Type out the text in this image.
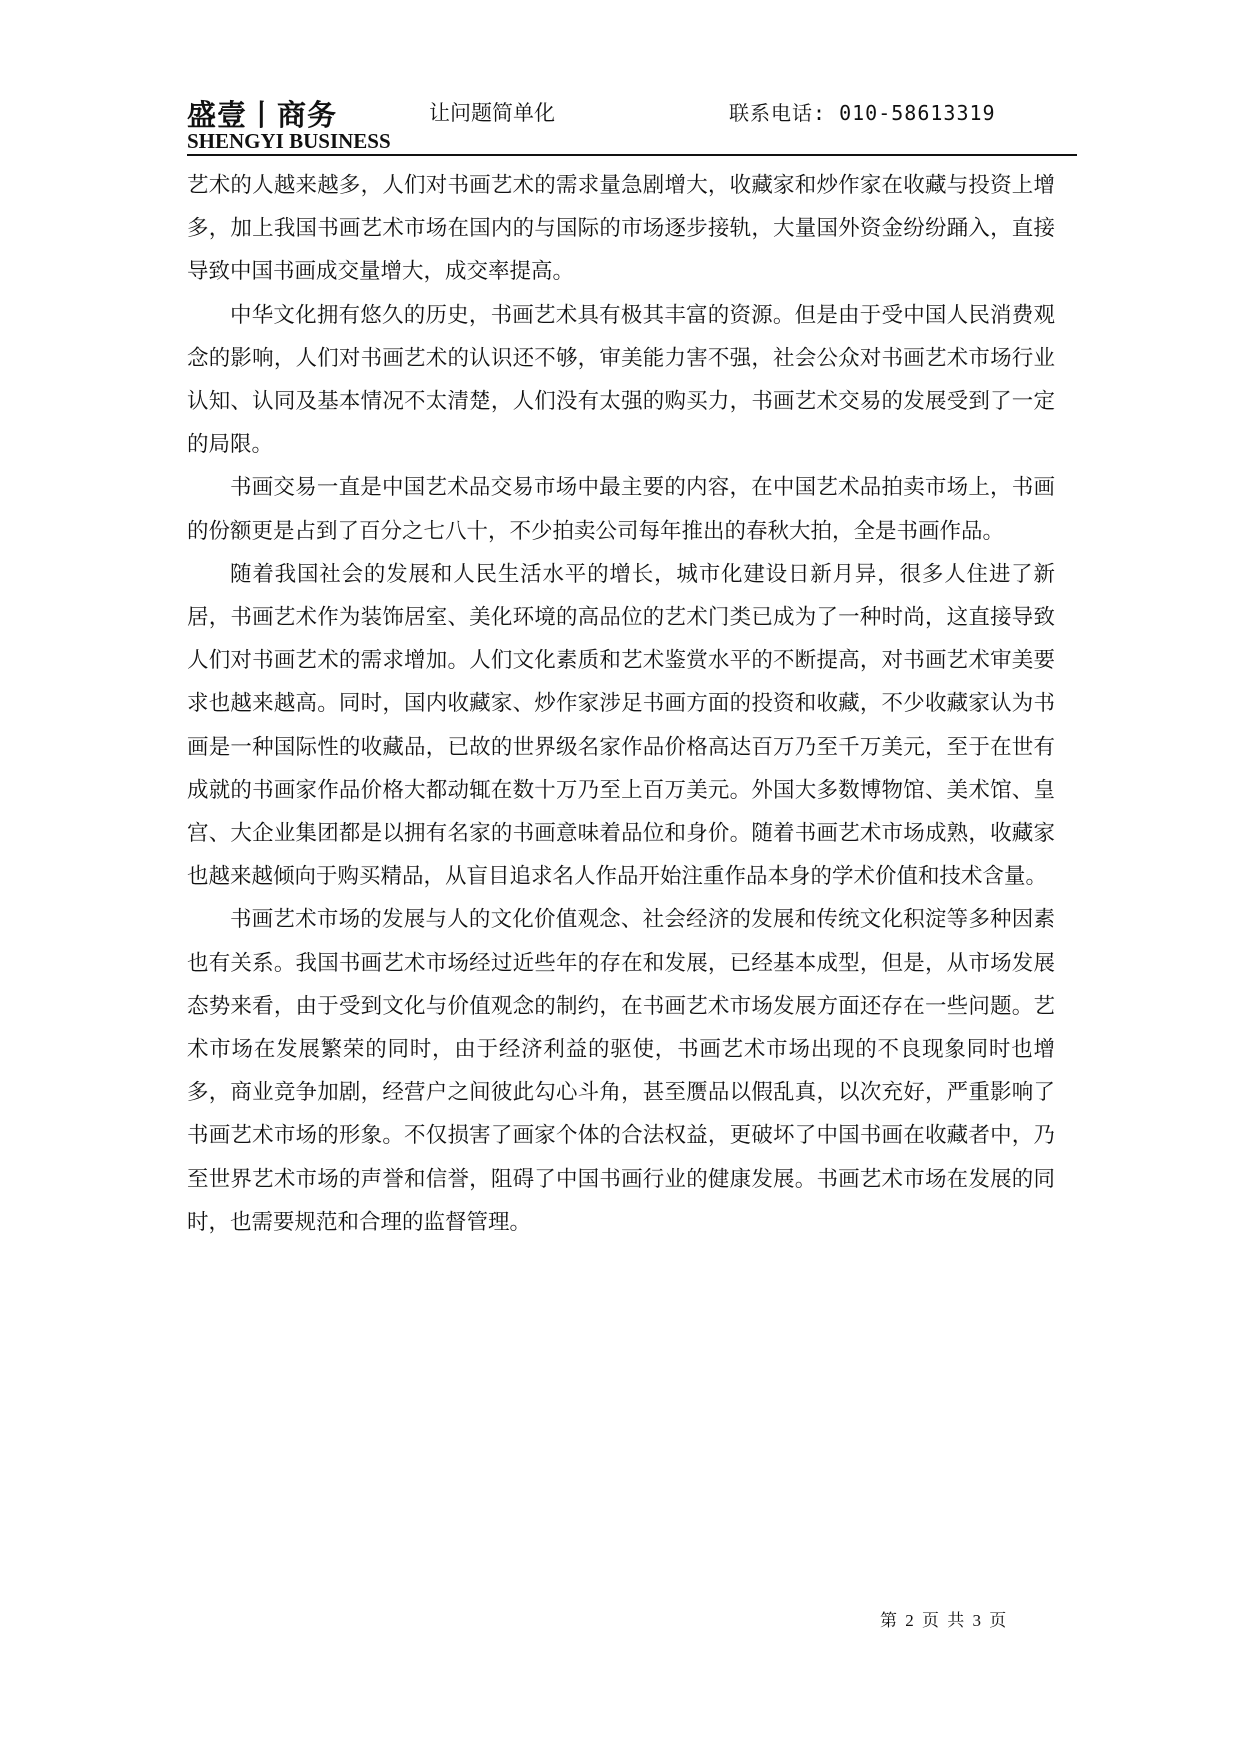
盛壹丨商务	让问题简单化	联系电话: 010-58613319
SHENGYI BUSINESS

艺术的人越来越多，人们对书画艺术的需求量急剧增大，收藏家和炒作家在收藏与投资上增多，加上我国书画艺术市场在国内的与国际的市场逐步接轨，大量国外资金纷纷踊入，直接导致中国书画成交量增大，成交率提高。

中华文化拥有悠久的历史，书画艺术具有极其丰富的资源。但是由于受中国人民消费观念的影响，人们对书画艺术的认识还不够，审美能力害不强，社会公众对书画艺术市场行业认知、认同及基本情况不太清楚，人们没有太强的购买力，书画艺术交易的发展受到了一定的局限。

书画交易一直是中国艺术品交易市场中最主要的内容，在中国艺术品拍卖市场上，书画的份额更是占到了百分之七八十，不少拍卖公司每年推出的春秋大拍，全是书画作品。

随着我国社会的发展和人民生活水平的增长，城市化建设日新月异，很多人住进了新居，书画艺术作为装饰居室、美化环境的高品位的艺术门类已成为了一种时尚，这直接导致人们对书画艺术的需求增加。人们文化素质和艺术鉴赏水平的不断提高，对书画艺术审美要求也越来越高。同时，国内收藏家、炒作家涉足书画方面的投资和收藏，不少收藏家认为书画是一种国际性的收藏品，已故的世界级名家作品价格高达百万乃至千万美元，至于在世有成就的书画家作品价格大都动辄在数十万乃至上百万美元。外国大多数博物馆、美术馆、皇宫、大企业集团都是以拥有名家的书画意味着品位和身价。随着书画艺术市场成熟，收藏家也越来越倾向于购买精品，从盲目追求名人作品开始注重作品本身的学术价值和技术含量。

书画艺术市场的发展与人的文化价值观念、社会经济的发展和传统文化积淀等多种因素也有关系。我国书画艺术市场经过近些年的存在和发展，已经基本成型，但是，从市场发展态势来看，由于受到文化与价值观念的制约，在书画艺术市场发展方面还存在一些问题。艺术市场在发展繁荣的同时，由于经济利益的驱使，书画艺术市场出现的不良现象同时也增多，商业竞争加剧，经营户之间彼此勾心斗角，甚至赝品以假乱真，以次充好，严重影响了书画艺术市场的形象。不仅损害了画家个体的合法权益，更破坏了中国书画在收藏者中，乃至世界艺术市场的声誉和信誉，阻碍了中国书画行业的健康发展。书画艺术市场在发展的同时，也需要规范和合理的监督管理。

第 2 页 共 3 页
